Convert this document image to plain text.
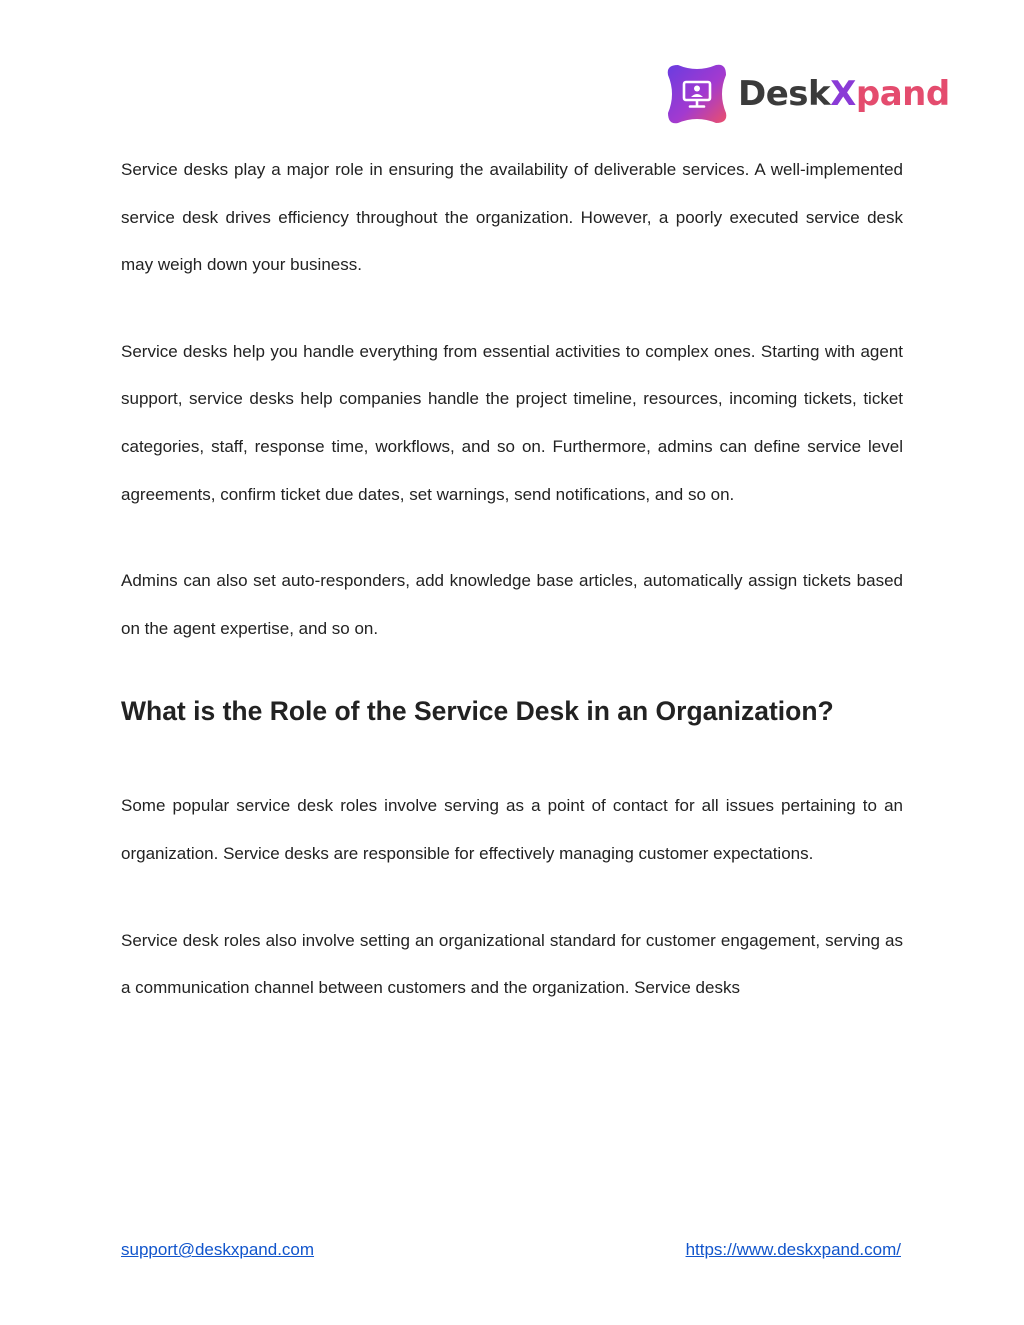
DeskXpand

Service desks play a major role in ensuring the availability of deliverable services. A well-implemented service desk drives efficiency throughout the organization. However, a poorly executed service desk may weigh down your business.

Service desks help you handle everything from essential activities to complex ones. Starting with agent support, service desks help companies handle the project timeline, resources, incoming tickets, ticket categories, staff, response time, workflows, and so on. Furthermore, admins can define service level agreements, confirm ticket due dates, set warnings, send notifications, and so on.

Admins can also set auto-responders, add knowledge base articles, automatically assign tickets based on the agent expertise, and so on.

What is the Role of the Service Desk in an Organization?

Some popular service desk roles involve serving as a point of contact for all issues pertaining to an organization. Service desks are responsible for effectively managing customer expectations.

Service desk roles also involve setting an organizational standard for customer engagement, serving as a communication channel between customers and the organization. Service desks

support@deskxpand.com	https://www.deskxpand.com/
